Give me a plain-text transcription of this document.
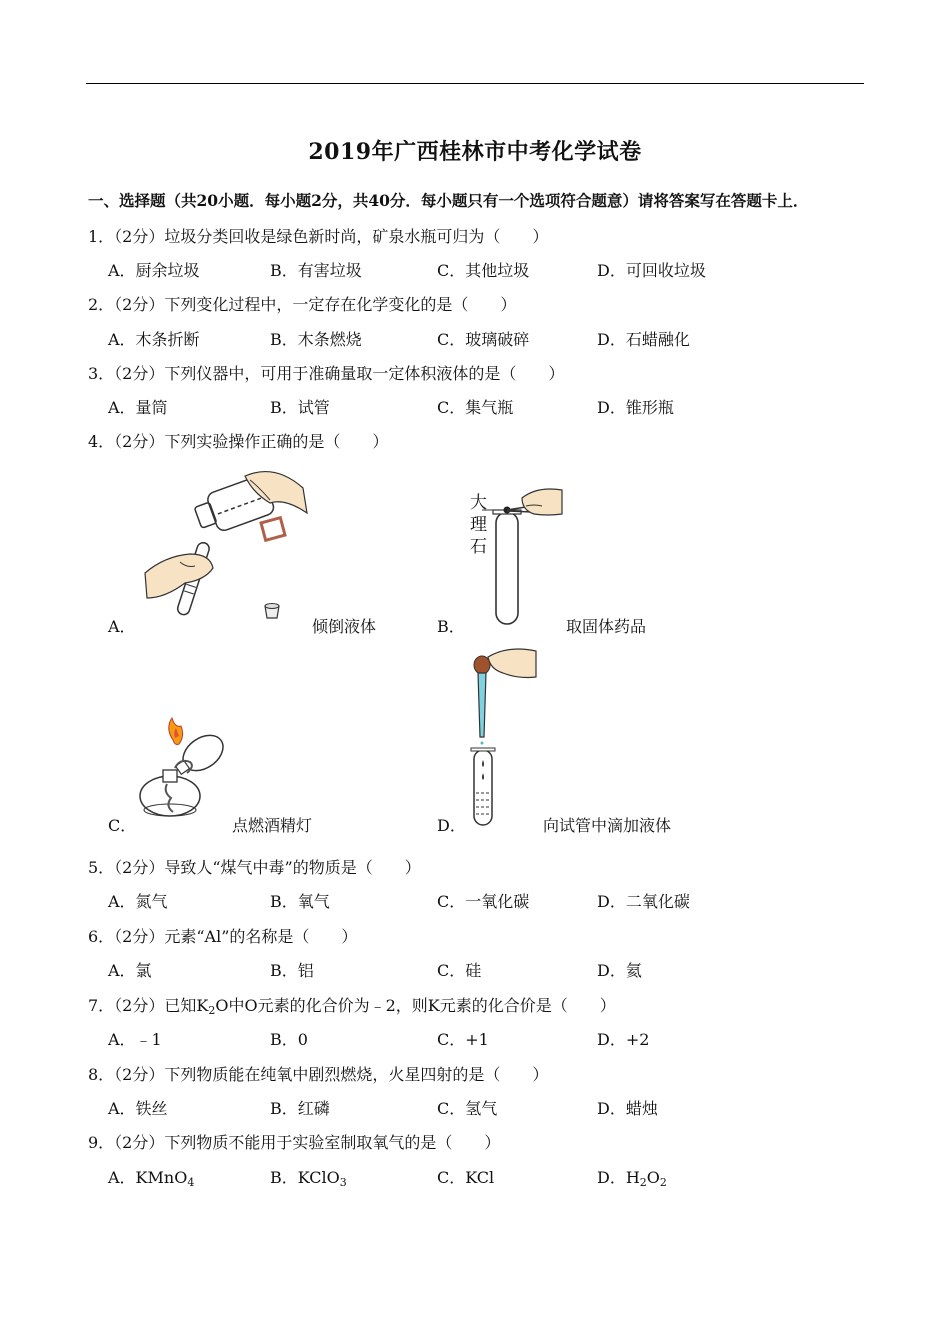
2019年广西桂林市中考化学试卷
一、选择题（共20小题．每小题2分，共40分．每小题只有一个选项符合题意）请将答案写在答题卡上．
1．（2分）垃圾分类回收是绿色新时尚，矿泉水瓶可归为（　　）
A．厨余垃圾	B．有害垃圾	C．其他垃圾	D．可回收垃圾
2．（2分）下列变化过程中，一定存在化学变化的是（　　）
A．木条折断	B．木条燃烧	C．玻璃破碎	D．石蜡融化
3．（2分）下列仪器中，可用于准确量取一定体积液体的是（　　）
A．量筒	B．试管	C．集气瓶	D．锥形瓶
4．（2分）下列实验操作正确的是（　　）
A．	倾倒液体
大
理
石
B．	取固体药品
C．	点燃酒精灯	D．	向试管中滴加液体
5．（2分）导致人“煤气中毒”的物质是（　　）
A．氮气	B．氧气	C．一氧化碳	D．二氧化碳
6．（2分）元素“Al”的名称是（　　）
A．氯	B．铝	C．硅	D．氦
7．（2分）已知$K_2O$中O元素的化合价为﹣2，则K元素的化合价是（　　）
A．﹣1	B．0	C．+1	D．+2
8．（2分）下列物质能在纯氧中剧烈燃烧，火星四射的是（　　）
A．铁丝	B．红磷	C．氢气	D．蜡烛
9．（2分）下列物质不能用于实验室制取氧气的是（　　）
A．KMnO$_4$	B．KClO$_3$	C．KCl	D．$H_2O_2$
